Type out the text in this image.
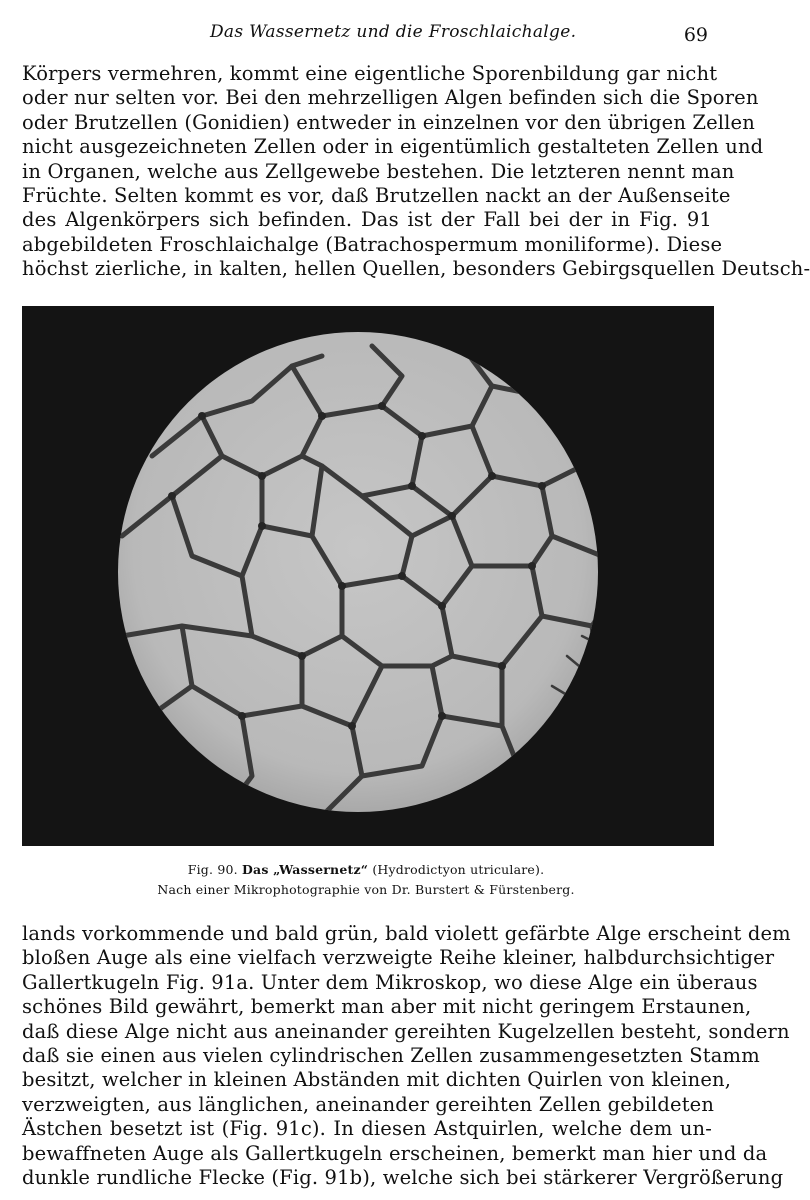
Das Wassernetz und die Froschlaichalge.	69
Körpers vermehren, kommt eine eigentliche Sporenbildung gar nicht
oder nur selten vor. Bei den mehrzelligen Algen befinden sich die Sporen
oder Brutzellen (Gonidien) entweder in einzelnen vor den übrigen Zellen
nicht ausgezeichneten Zellen oder in eigentümlich gestalteten Zellen und
in Organen, welche aus Zellgewebe bestehen. Die letzteren nennt man
Früchte. Selten kommt es vor, daß Brutzellen nackt an der Außenseite
des Algenkörpers sich befinden. Das ist der Fall bei der in Fig. 91
abgebildeten Froschlaichalge (Batrachospermum moniliforme). Diese
höchst zierliche, in kalten, hellen Quellen, besonders Gebirgsquellen Deutsch-
Fig. 90. Das „Wassernetz“ (Hydrodictyon utriculare).
Nach einer Mikrophotographie von Dr. Burstert & Fürstenberg.
lands vorkommende und bald grün, bald violett gefärbte Alge erscheint dem
bloßen Auge als eine vielfach verzweigte Reihe kleiner, halbdurchsichtiger
Gallertkugeln Fig. 91a. Unter dem Mikroskop, wo diese Alge ein überaus
schönes Bild gewährt, bemerkt man aber mit nicht geringem Erstaunen,
daß diese Alge nicht aus aneinander gereihten Kugelzellen besteht, sondern
daß sie einen aus vielen cylindrischen Zellen zusammengesetzten Stamm
besitzt, welcher in kleinen Abständen mit dichten Quirlen von kleinen,
verzweigten, aus länglichen, aneinander gereihten Zellen gebildeten
Ästchen besetzt ist (Fig. 91c). In diesen Astquirlen, welche dem un-
bewaffneten Auge als Gallertkugeln erscheinen, bemerkt man hier und da
dunkle rundliche Flecke (Fig. 91b), welche sich bei stärkerer Vergrößerung
